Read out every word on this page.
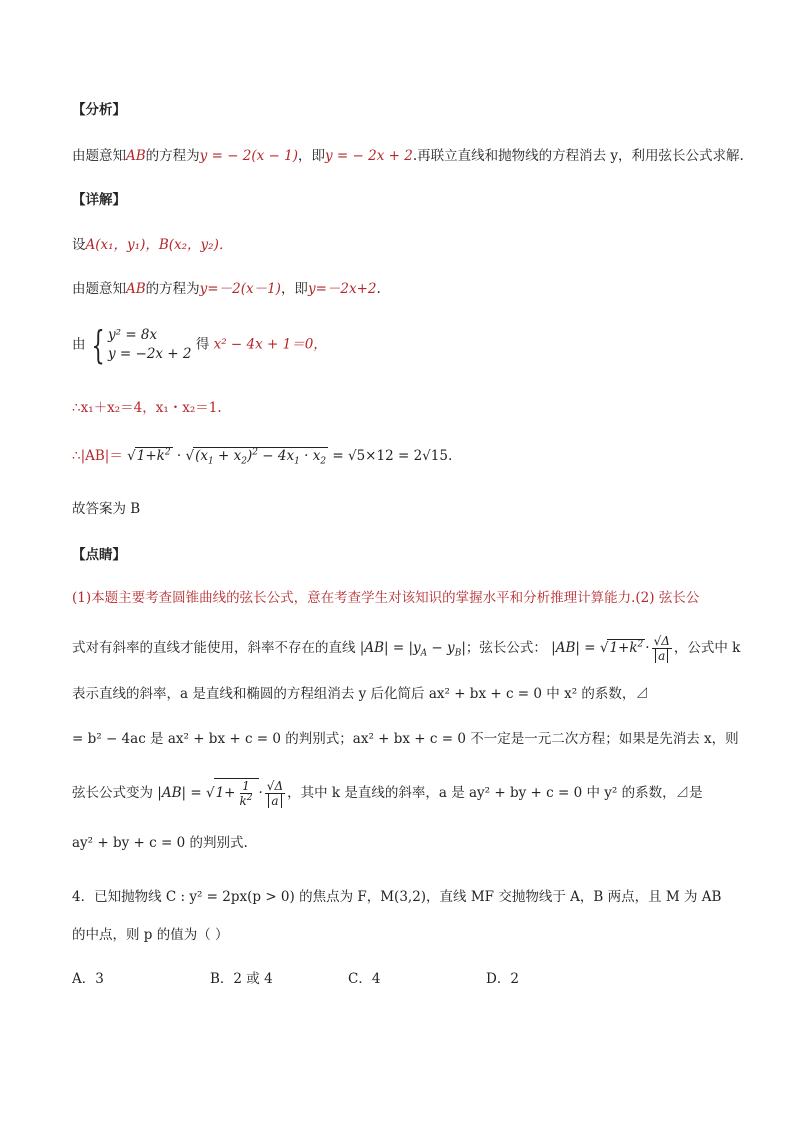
【分析】
由题意知AB的方程为y = − 2(x − 1)，即y = − 2x + 2.再联立直线和抛物线的方程消去 y，利用弦长公式求解.
【详解】
设A(x₁，y₁)，B(x₂，y₂)．
由题意知AB的方程为y=－2(x－1)，即y=－2x+2.
由 { y² = 8x
y = −2x + 2
得 x² − 4x + 1＝0，
∴x₁＋x₂＝4，x₁・x₂＝1.
∴|AB|＝ $√1+k^2 \cdot √(x_1 + x_2)^2 - 4x_1 \cdot x_2 = √5\times 12 = 2√15$.
故答案为 B
【点睛】
(1)本题主要考查圆锥曲线的弦长公式，意在考查学生对该知识的掌握水平和分析推理计算能力.(2) 弦长公
式对有斜率的直线才能使用，斜率不存在的直线 $|AB| = |y_A - y_B|$；弦长公式： $|AB| = √1+k^2 \cdot \frac{√\Delta}{a}$ ，公式中 k
表示直线的斜率，a 是直线和椭圆的方程组消去 y 后化简后 ax² + bx + c = 0 中 x² 的系数，⊿
= b² − 4ac 是 ax² + bx + c = 0 的判别式；ax² + bx + c = 0 不一定是一元二次方程；如果是先消去 x，则
弦长公式变为 $|AB| = √1+ \frac{1}{k^2} \cdot \frac{√\Delta}{a}$ ，其中 k 是直线的斜率，a 是 ay² + by + c = 0 中 y² 的系数，⊿是
ay² + by + c = 0 的判别式.
4．已知抛物线 C : y² = 2px(p > 0) 的焦点为 F，M(3,2)，直线 MF 交抛物线于 A，B 两点，且 M 为 AB
的中点，则 p 的值为（ ）
A．3	B．2 或 4	C．4	D．2
